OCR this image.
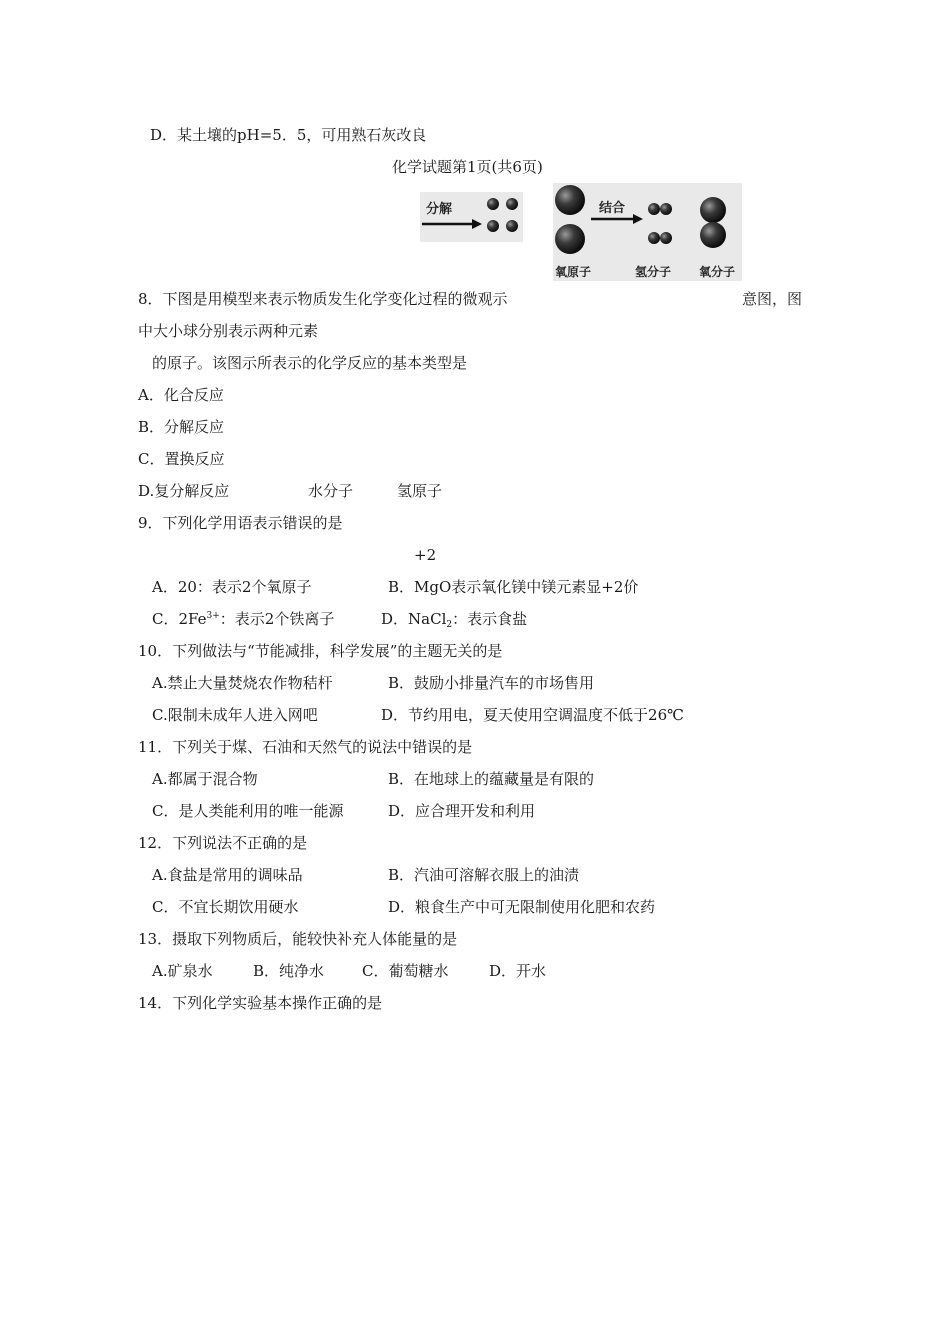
D．某土壤的pH=5．5，可用熟石灰改良
化学试题第1页(共6页)
分解	结合
氧原子	氢分子 氧分子
8．下图是用模型来表示物质发生化学变化过程的微观示	意图，图
中大小球分别表示两种元素
的原子。该图示所表示的化学反应的基本类型是
A．化合反应
B．分解反应
C．置换反应
D.复分解反应	水分子	氢原子
9．下列化学用语表示错误的是
+2
A．20：表示2个氧原子	B．MgO表示氧化镁中镁元素显+2价
C．$2Fe^{3+}$：表示2个铁离子	D．NaCl$_2$：表示食盐
10．下列做法与“节能减排，科学发展”的主题无关的是
A.禁止大量焚烧农作物秸杆	B．鼓励小排量汽车的市场售用
C.限制未成年人进入网吧	D．节约用电，夏天使用空调温度不低于26℃
11．下列关于煤、石油和天然气的说法中错误的是
A.都属于混合物	B．在地球上的蕴藏量是有限的
C．是人类能利用的唯一能源	D．应合理开发和利用
12．下列说法不正确的是
A.食盐是常用的调味品	B．汽油可溶解衣服上的油渍
C．不宜长期饮用硬水	D．粮食生产中可无限制使用化肥和农药
13．摄取下列物质后，能较快补充人体能量的是
A.矿泉水	B．纯净水	C．葡萄糖水	D．开水
14．下列化学实验基本操作正确的是
